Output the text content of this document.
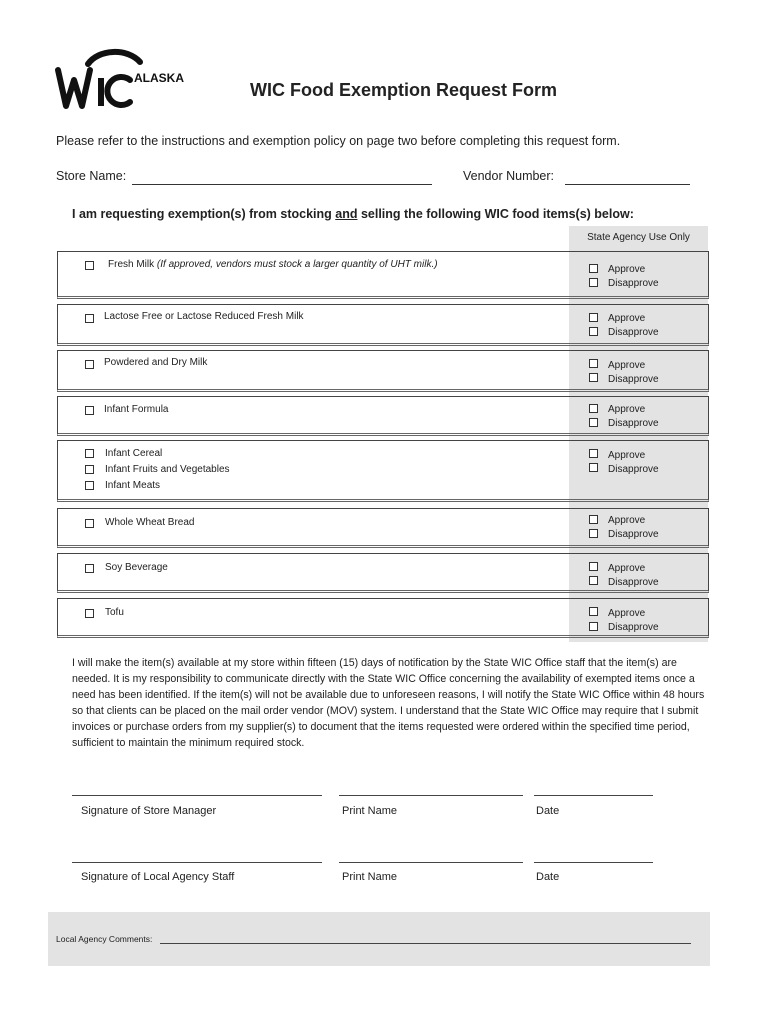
ALASKA
WIC Food Exemption Request Form
Please refer to the instructions and exemption policy on page two before completing this request form.
Store Name:	Vendor Number:
I am requesting exemption(s) from stocking and selling the following WIC food items(s) below:
State Agency Use Only
Fresh Milk (If approved, vendors must stock a larger quantity of UHT milk.)	Approve
Disapprove
Lactose Free or Lactose Reduced Fresh Milk	Approve
Disapprove
Powdered and Dry Milk	Approve
Disapprove
Infant Formula	Approve
Disapprove
Infant Cereal
Infant Fruits and Vegetables
Infant Meats
Approve
Disapprove
Whole Wheat Bread	Approve
Disapprove
Soy Beverage	Approve
Disapprove
Tofu	Approve
Disapprove
I will make the item(s) available at my store within fifteen (15) days of notification by the State WIC Office staff that the item(s) are needed. It is my responsibility to communicate directly with the State WIC Office concerning the availability of exempted items once a need has been identified. If the item(s) will not be available due to unforeseen reasons, I will notify the State WIC Office within 48 hours so that clients can be placed on the mail order vendor (MOV) system. I understand that the State WIC Office may require that I submit invoices or purchase orders from my supplier(s) to document that the items requested were ordered within the specified time period, sufficient to maintain the minimum required stock.
Signature of Store Manager	Print Name	Date
Signature of Local Agency Staff	Print Name	Date
Local Agency Comments:
